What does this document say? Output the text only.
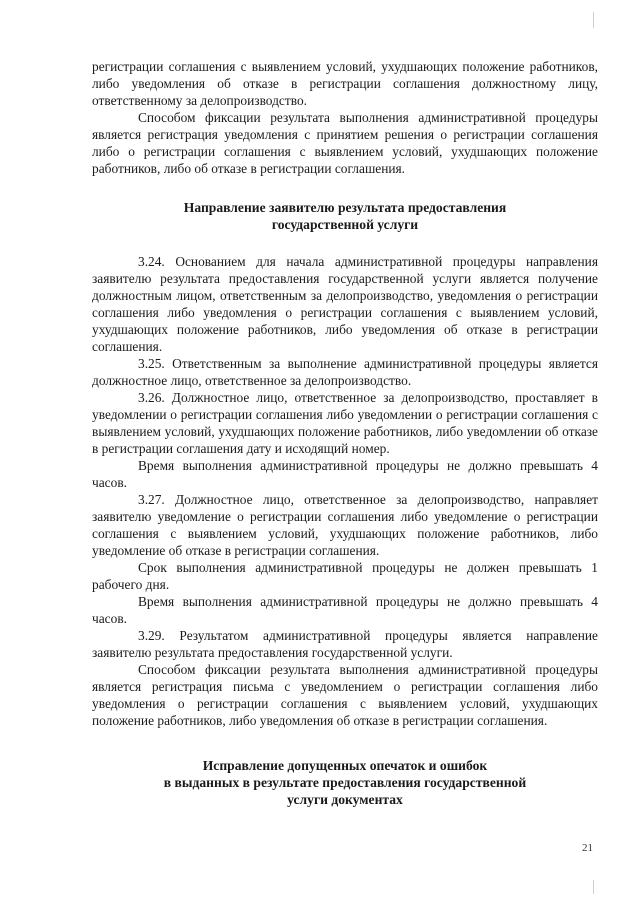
регистрации соглашения с выявлением условий, ухудшающих положение работников, либо уведомления об отказе в регистрации соглашения должностному лицу, ответственному за делопроизводство.

Способом фиксации результата выполнения административной процедуры является регистрация уведомления с принятием решения о регистрации соглашения либо о регистрации соглашения с выявлением условий, ухудшающих положение работников, либо об отказе в регистрации соглашения.

Направление заявителю результата предоставления

государственной услуги

3.24. Основанием для начала административной процедуры направления заявителю результата предоставления государственной услуги является получение должностным лицом, ответственным за делопроизводство, уведомления о регистрации соглашения либо уведомления о регистрации соглашения с выявлением условий, ухудшающих положение работников, либо уведомления об отказе в регистрации соглашения.

3.25. Ответственным за выполнение административной процедуры является должностное лицо, ответственное за делопроизводство.

3.26. Должностное лицо, ответственное за делопроизводство, проставляет в уведомлении о регистрации соглашения либо уведомлении о регистрации соглашения с выявлением условий, ухудшающих положение работников, либо уведомлении об отказе в регистрации соглашения дату и исходящий номер.

Время выполнения административной процедуры не должно превышать 4 часов.

3.27. Должностное лицо, ответственное за делопроизводство, направляет заявителю уведомление о регистрации соглашения либо уведомление о регистрации соглашения с выявлением условий, ухудшающих положение работников, либо уведомление об отказе в регистрации соглашения.

Срок выполнения административной процедуры не должен превышать 1 рабочего дня.

Время выполнения административной процедуры не должно превышать 4 часов.

3.29. Результатом административной процедуры является направление заявителю результата предоставления государственной услуги.

Способом фиксации результата выполнения административной процедуры является регистрация письма с уведомлением о регистрации соглашения либо уведомления о регистрации соглашения с выявлением условий, ухудшающих положение работников, либо уведомления об отказе в регистрации соглашения.

Исправление допущенных опечаток и ошибок

в выданных в результате предоставления государственной

услуги документах

21
